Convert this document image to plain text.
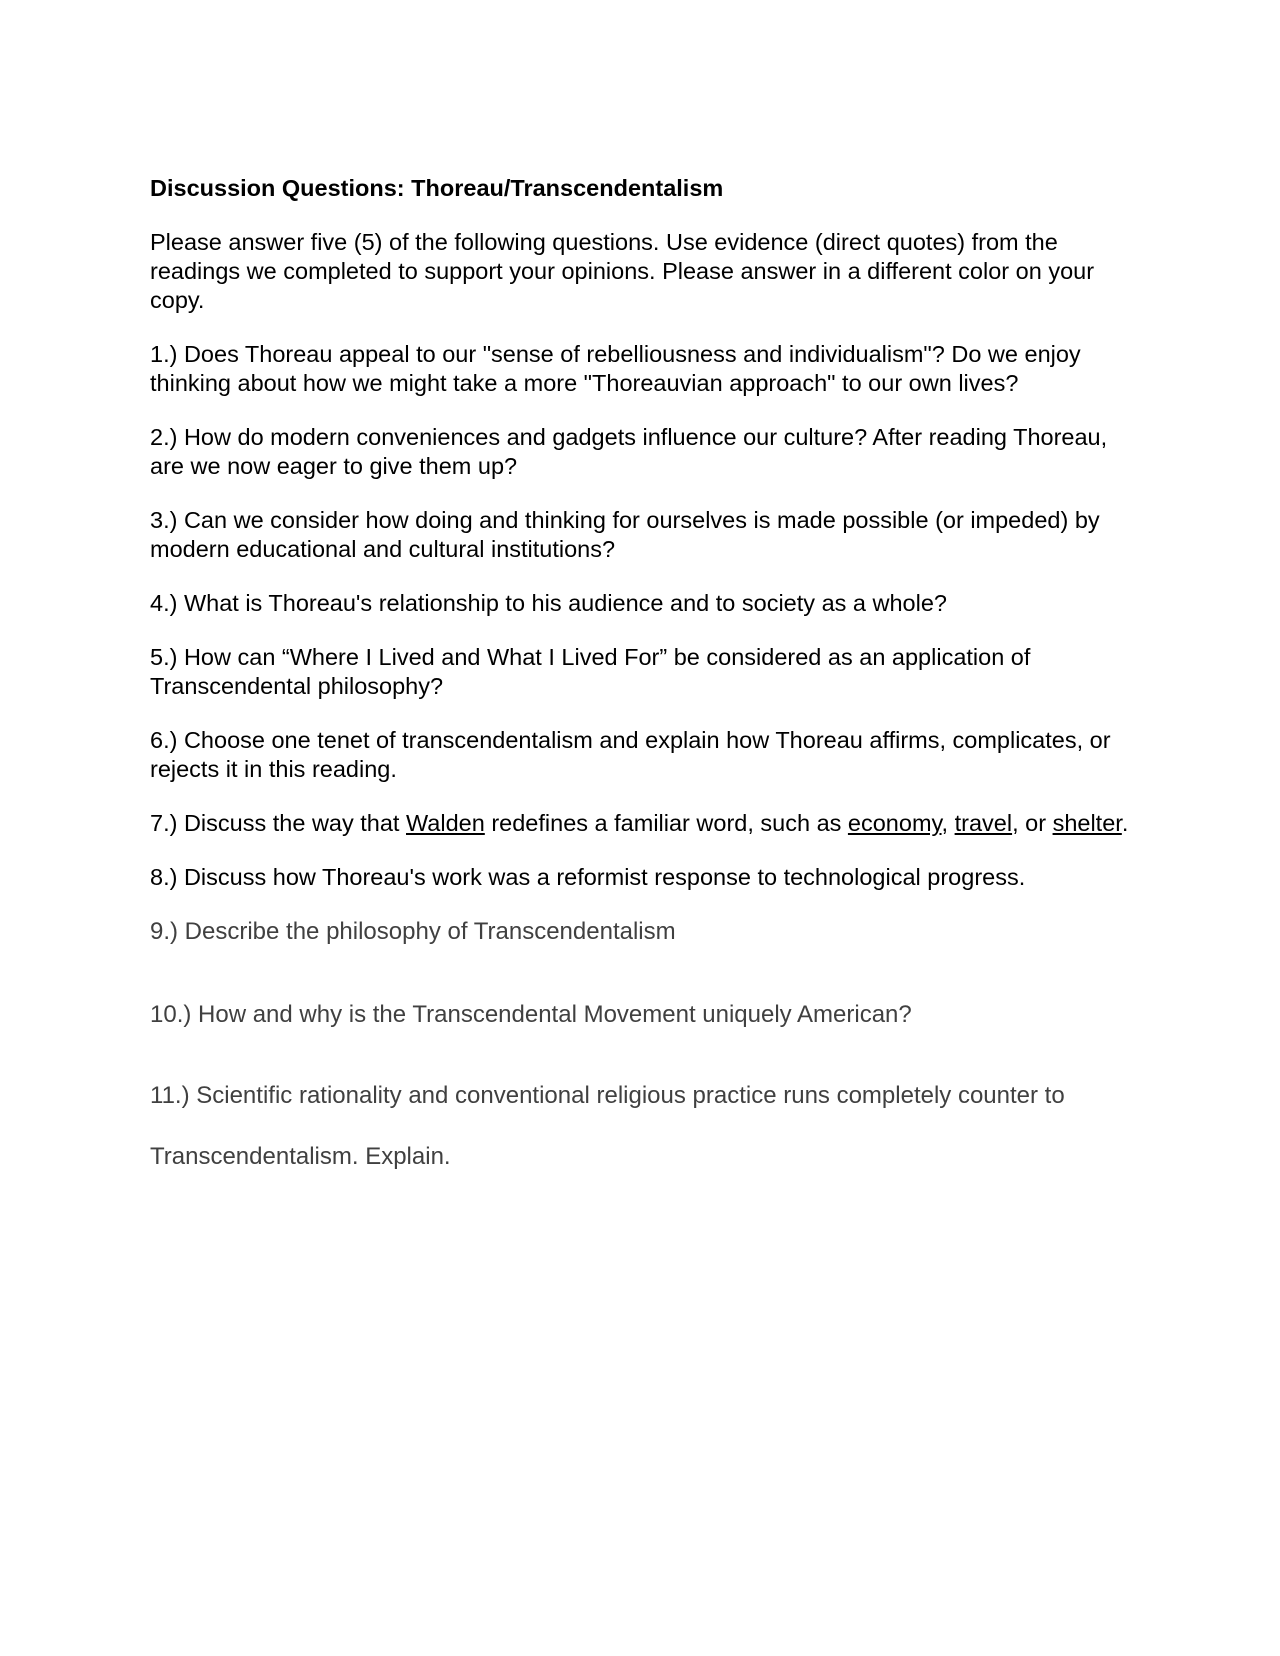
Discussion Questions: Thoreau/Transcendentalism

Please answer five (5) of the following questions. Use evidence (direct quotes) from the readings we completed to support your opinions. Please answer in a different color on your copy.

1.) Does Thoreau appeal to our "sense of rebelliousness and individualism"? Do we enjoy thinking about how we might take a more "Thoreauvian approach" to our own lives?

2.) How do modern conveniences and gadgets influence our culture? After reading Thoreau, are we now eager to give them up?

3.) Can we consider how doing and thinking for ourselves is made possible (or impeded) by modern educational and cultural institutions?

4.) What is Thoreau's relationship to his audience and to society as a whole?

5.) How can “Where I Lived and What I Lived For” be considered as an application of Transcendental philosophy?

6.) Choose one tenet of transcendentalism and explain how Thoreau affirms, complicates, or rejects it in this reading.

7.) Discuss the way that Walden redefines a familiar word, such as economy, travel, or shelter.

8.) Discuss how Thoreau's work was a reformist response to technological progress.

9.) Describe the philosophy of Transcendentalism

10.) How and why is the Transcendental Movement uniquely American?

11.) Scientific rationality and conventional religious practice runs completely counter to Transcendentalism. Explain.
